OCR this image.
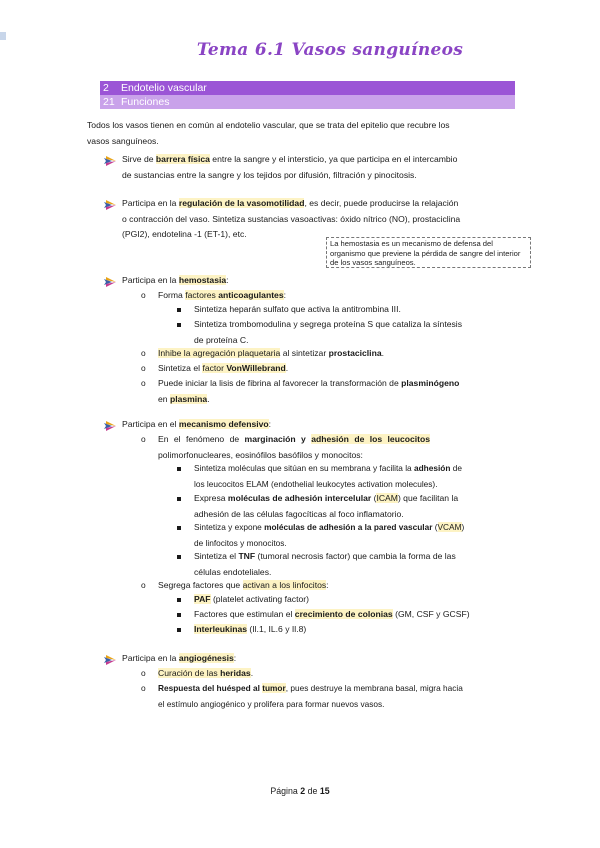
Tema 6.1 Vasos sanguíneos
2 Endotelio vascular
21 Funciones
Todos los vasos tienen en común al endotelio vascular, que se trata del epitelio que recubre los
vasos sanguíneos.
Sirve de barrera física entre la sangre y el intersticio, ya que participa en el intercambio
de sustancias entre la sangre y los tejidos por difusión, filtración y pinocitosis.
Participa en la regulación de la vasomotilidad, es decir, puede producirse la relajación
o contracción del vaso. Sintetiza sustancias vasoactivas: óxido nítrico (NO), prostaciclina
(PGI2), endotelina -1 (ET-1), etc.
La hemostasia es un mecanismo de defensa del organismo que previene la pérdida de sangre del interior de los vasos sanguíneos.
Participa en la hemostasia:
o Forma factores anticoagulantes:
Sintetiza heparán sulfato que activa la antitrombina III.
Sintetiza trombomodulina y segrega proteína S que cataliza la síntesis
de proteína C.
o Inhibe la agregación plaquetaria al sintetizar prostaciclina.
o Sintetiza el factor VonWillebrand.
o Puede iniciar la lisis de fibrina al favorecer la transformación de plasminógeno
en plasmina.
Participa en el mecanismo defensivo:
o En el fenómeno de marginación y adhesión de los leucocitos
polimorfonucleares, eosinófilos basófilos y monocitos:
Sintetiza moléculas que sitúan en su membrana y facilita la adhesión de
los leucocitos ELAM (endothelial leukocytes activation molecules).
Expresa moléculas de adhesión intercelular (ICAM) que facilitan la
adhesión de las células fagocíticas al foco inflamatorio.
Sintetiza y expone moléculas de adhesión a la pared vascular (VCAM)
de linfocitos y monocitos.
Sintetiza el TNF (tumoral necrosis factor) que cambia la forma de las
células endoteliales.
o Segrega factores que activan a los linfocitos:
PAF (platelet activating factor)
Factores que estimulan el crecimiento de colonias (GM, CSF y GCSF)
Interleukinas (Il.1, IL.6 y Il.8)
Participa en la angiogénesis:
o Curación de las heridas.
o Respuesta del huésped al tumor, pues destruye la membrana basal, migra hacia
el estímulo angiogénico y prolifera para formar nuevos vasos.
Página 2 de 15
